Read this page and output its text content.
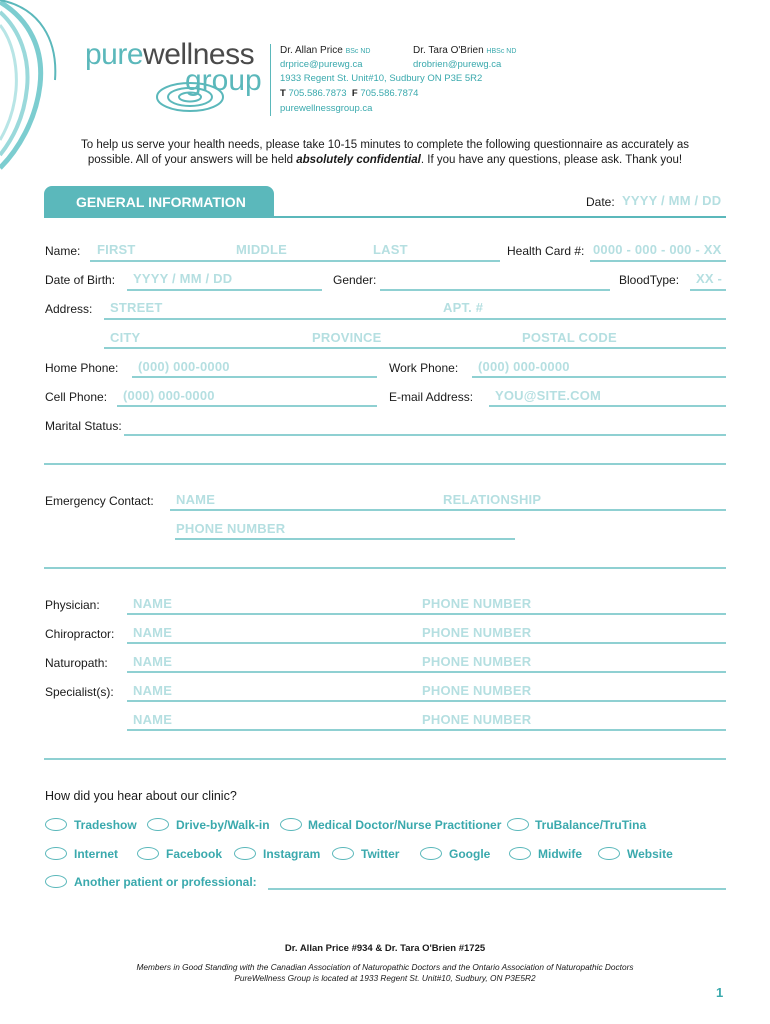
purewellness
group
Dr. Allan Price BSc ND	Dr. Tara O'Brien HBSc ND
drprice@purewg.ca	drobrien@purewg.ca
1933 Regent St. Unit#10, Sudbury ON P3E 5R2
T 705.586.7873 F 705.586.7874
purewellnessgroup.ca
To help us serve your health needs, please take 10-15 minutes to complete the following questionnaire as accurately as
possible. All of your answers will be held absolutely confidential. If you have any questions, please ask. Thank you!
GENERAL INFORMATION	Date: YYYY / MM / DD
Name: FIRST	MIDDLE	LAST	Health Card #: 0000 - 000 - 000 - XX
Date of Birth: YYYY / MM / DD	Gender:	BloodType: XX -
Address: STREET	APT. #
CITY	PROVINCE	POSTAL CODE
Home Phone: (000) 000-0000	Work Phone: (000) 000-0000
Cell Phone: (000) 000-0000	E-mail Address: YOU@SITE.COM
Marital Status:
Emergency Contact: NAME	RELATIONSHIP
PHONE NUMBER
Physician:	NAME	PHONE NUMBER
Chiropractor: NAME	PHONE NUMBER
Naturopath: NAME	PHONE NUMBER
Specialist(s): NAME	PHONE NUMBER
NAME	PHONE NUMBER
How did you hear about our clinic?
Tradeshow	Drive-by/Walk-in	Medical Doctor/Nurse Practitioner	TruBalance/TruTina
Internet	Facebook	Instagram	Twitter	Google	Midwife	Website
Another patient or professional:
Dr. Allan Price #934 & Dr. Tara O'Brien #1725
Members in Good Standing with the Canadian Association of Naturopathic Doctors and the Ontario Association of Naturopathic Doctors
PureWellness Group is located at 1933 Regent St. Unit#10, Sudbury, ON P3E5R2
1
